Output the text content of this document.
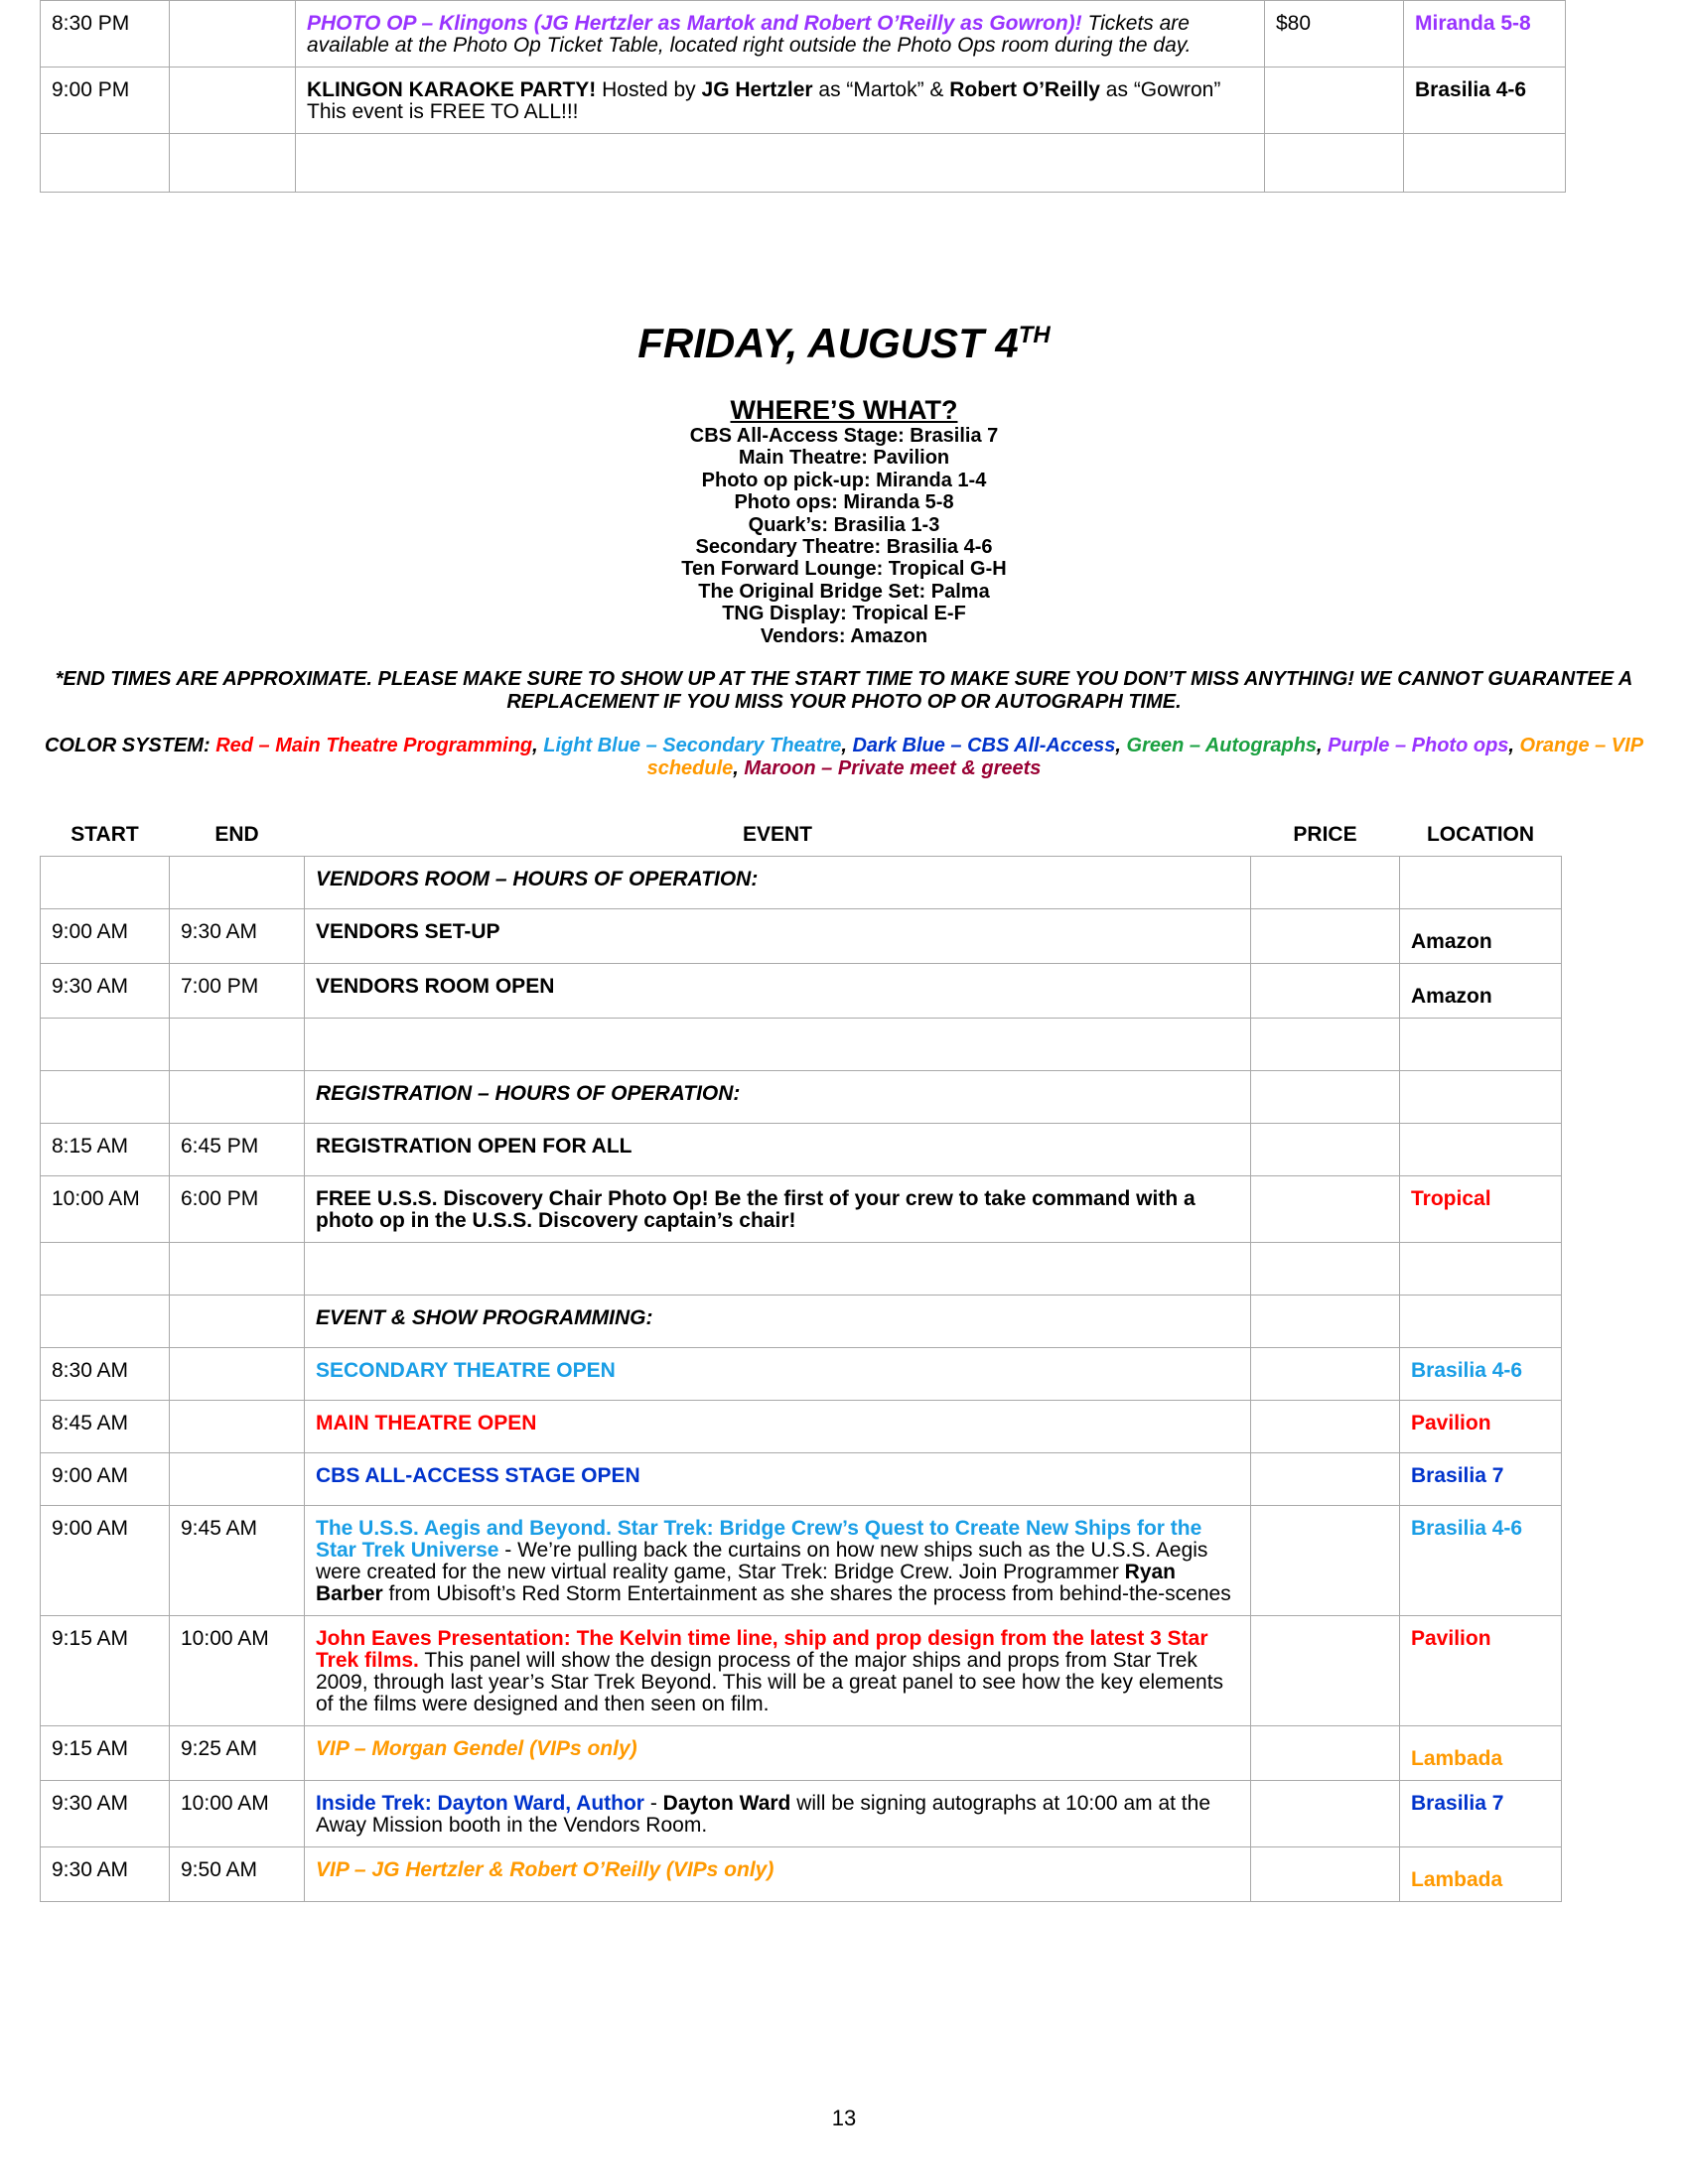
8:30 PM		PHOTO OP – Klingons (JG Hertzler as Martok and Robert O’Reilly as Gowron)! Tickets are available at the Photo Op Ticket Table, located right outside the Photo Ops room during the day.	$80	Miranda 5-8
9:00 PM		KLINGON KARAOKE PARTY! Hosted by JG Hertzler as “Martok” & Robert O’Reilly as “Gowron” This event is FREE TO ALL!!!		Brasilia 4-6

FRIDAY, AUGUST 4TH
WHERE’S WHAT?
CBS All-Access Stage: Brasilia 7
Main Theatre: Pavilion
Photo op pick-up: Miranda 1-4
Photo ops: Miranda 5-8
Quark’s: Brasilia 1-3
Secondary Theatre: Brasilia 4-6
Ten Forward Lounge: Tropical G-H
The Original Bridge Set: Palma
TNG Display: Tropical E-F
Vendors: Amazon
*END TIMES ARE APPROXIMATE. PLEASE MAKE SURE TO SHOW UP AT THE START TIME TO MAKE SURE YOU DON’T MISS ANYTHING! WE CANNOT GUARANTEE A REPLACEMENT IF YOU MISS YOUR PHOTO OP OR AUTOGRAPH TIME.
COLOR SYSTEM: Red – Main Theatre Programming, Light Blue – Secondary Theatre, Dark Blue – CBS All-Access, Green – Autographs, Purple – Photo ops, Orange – VIP schedule, Maroon – Private meet & greets
START	END	EVENT	PRICE	LOCATION
		VENDORS ROOM – HOURS OF OPERATION:		
9:00 AM	9:30 AM	VENDORS SET-UP		Amazon

9:30 AM	7:00 PM	VENDORS ROOM OPEN		Amazon

		REGISTRATION – HOURS OF OPERATION:		
8:15 AM	6:45 PM	REGISTRATION OPEN FOR ALL		
10:00 AM	6:00 PM	FREE U.S.S. Discovery Chair Photo Op! Be the first of your crew to take command with a photo op in the U.S.S. Discovery captain’s chair!		Tropical

		EVENT & SHOW PROGRAMMING:		
8:30 AM		SECONDARY THEATRE OPEN		Brasilia 4-6
8:45 AM		MAIN THEATRE OPEN		Pavilion
9:00 AM		CBS ALL-ACCESS STAGE OPEN		Brasilia 7
9:00 AM	9:45 AM	The U.S.S. Aegis and Beyond. Star Trek: Bridge Crew’s Quest to Create New Ships for the Star Trek Universe - We’re pulling back the curtains on how new ships such as the U.S.S. Aegis were created for the new virtual reality game, Star Trek: Bridge Crew. Join Programmer Ryan Barber from Ubisoft’s Red Storm Entertainment as she shares the process from behind-the-scenes		Brasilia 4-6
9:15 AM	10:00 AM	John Eaves Presentation: The Kelvin time line, ship and prop design from the latest 3 Star Trek films. This panel will show the design process of the major ships and props from Star Trek 2009, through last year’s Star Trek Beyond. This will be a great panel to see how the key elements of the films were designed and then seen on film.		Pavilion
9:15 AM	9:25 AM	VIP – Morgan Gendel (VIPs only)		Lambada

9:30 AM	10:00 AM	Inside Trek: Dayton Ward, Author - Dayton Ward will be signing autographs at 10:00 am at the Away Mission booth in the Vendors Room.		Brasilia 7
9:30 AM	9:50 AM	VIP – JG Hertzler & Robert O’Reilly (VIPs only)		Lambada
13
